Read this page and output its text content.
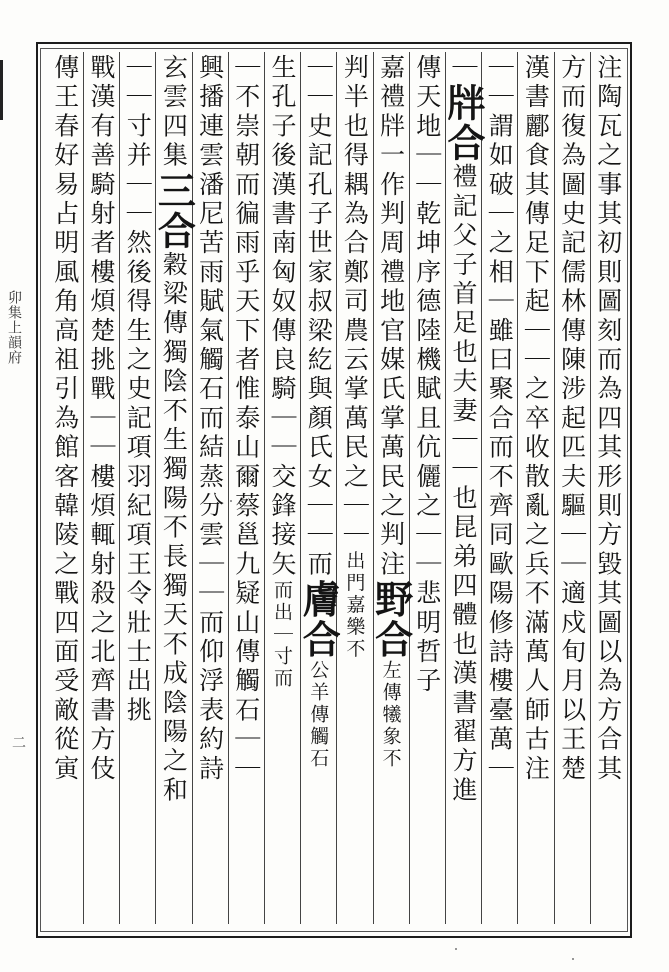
卯集上韻府
二	注陶瓦之事其初則圖刻而為四其形則方毀其圖以為方合其
方而復為圖史記儒林傳陳涉起匹夫驅｜｜適戍旬月以王楚
漢書酈食其傳足下起｜｜之卒收散亂之兵不滿萬人師古注
｜｜謂如破｜之相｜雖曰聚合而不齊同歐陽修詩樓臺萬｜
｜牉合禮記父子首足也夫妻｜｜也昆弟四體也漢書翟方進
傳天地｜｜乾坤序德陸機賦且伉儷之｜｜悲明哲子
嘉禮牉一作判周禮地官媒氏掌萬民之判注野合左傳犧象不
判半也得耦為合鄭司農云掌萬民之｜｜出門嘉樂不
｜｜史記孔子世家叔梁紇與顏氏女｜｜而膚合公羊傳觸石
生孔子後漢書南匈奴傳良騎｜｜交鋒接矢而出｜寸而
｜不崇朝而徧雨乎天下者惟泰山爾蔡邕九疑山傳觸石｜｜
興播連雲潘尼苦雨賦氣觸石而結蒸分雲｜｜而仰浮表約詩
玄雲四集三合穀梁傳獨陰不生獨陽不長獨天不成陰陽之和
｜｜寸并｜｜然後得生之史記項羽紀項王令壯士出挑
戰漢有善騎射者樓煩楚挑戰｜｜樓煩輒射殺之北齊書方伎
傳王春好易占明風角高祖引為館客韓陵之戰四面受敵從寅
